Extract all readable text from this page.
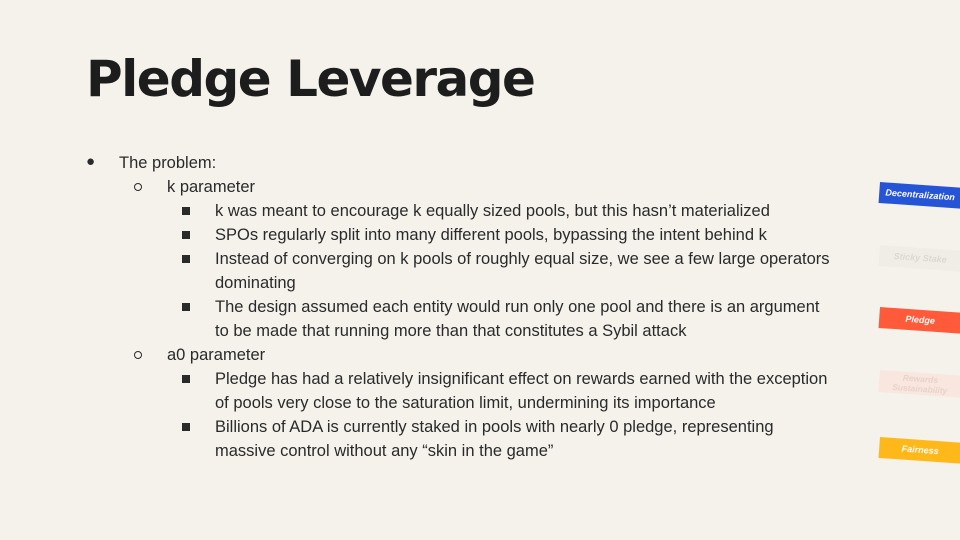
Pledge Leverage
● The problem:
k parameter
k was meant to encourage k equally sized pools, but this hasn’t materialized
SPOs regularly split into many different pools, bypassing the intent behind k
Instead of converging on k pools of roughly equal size, we see a few large operators
dominating
The design assumed each entity would run only one pool and there is an argument
to be made that running more than that constitutes a Sybil attack
a0 parameter
Pledge has had a relatively insignificant effect on rewards earned with the exception
of pools very close to the saturation limit, undermining its importance
Billions of ADA is currently staked in pools with nearly 0 pledge, representing
massive control without any “skin in the game”
Decentralization
Sticky Stake
Pledge
Rewards
Sustainability
Fairness
